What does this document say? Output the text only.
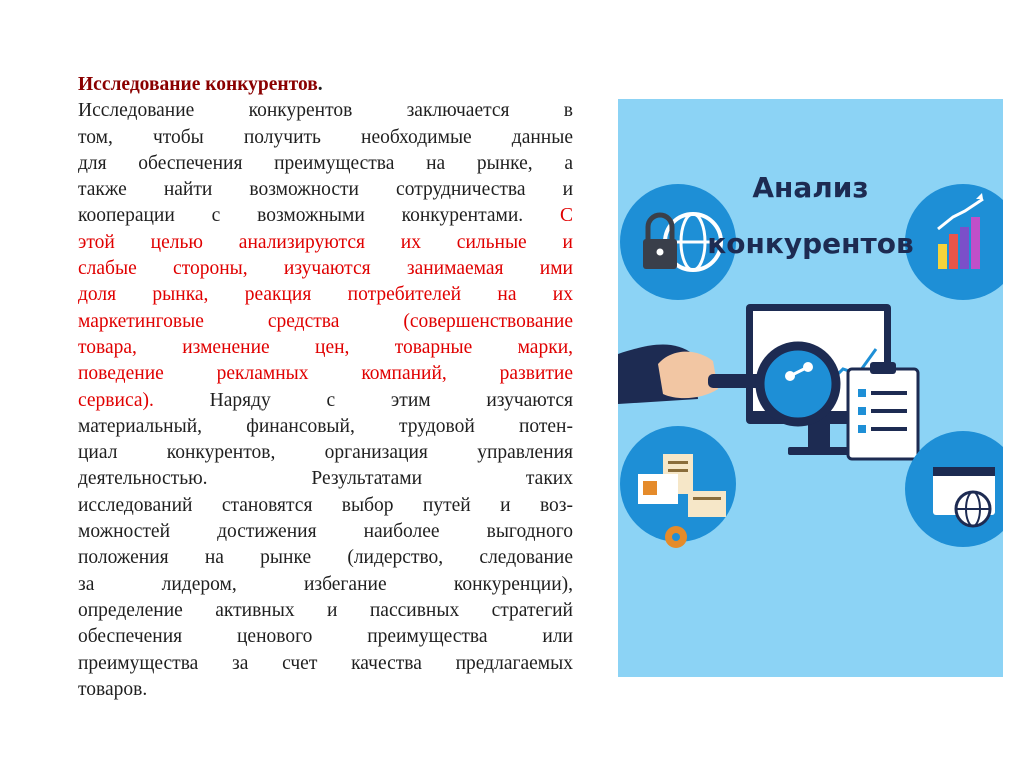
Исследование конкурентов.
Исследование конкурентов заключается в
том, чтобы получить необходимые данные
для обеспечения преимущества на рынке, а
также найти возможности сотрудничества и
кооперации с возможными конкурентами. С
этой целью анализируются их сильные и
слабые стороны, изучаются занимаемая ими
доля рынка, реакция потребителей на их
маркетинговые средства (совершенствование
товара, изменение цен, товарные марки,
поведение рекламных компаний, развитие
сервиса). Наряду с этим изучаются
материальный, финансовый, трудовой потен-
циал конкурентов, организация управления
деятельностью. Результатами таких
исследований становятся выбор путей и воз-
можностей достижения наиболее выгодного
положения на рынке (лидерство, следование
за лидером, избегание конкуренции),
определение активных и пассивных стратегий
обеспечения ценового преимущества или
преимущества за счет качества предлагаемых
товаров.
Анализ
конкурентов
